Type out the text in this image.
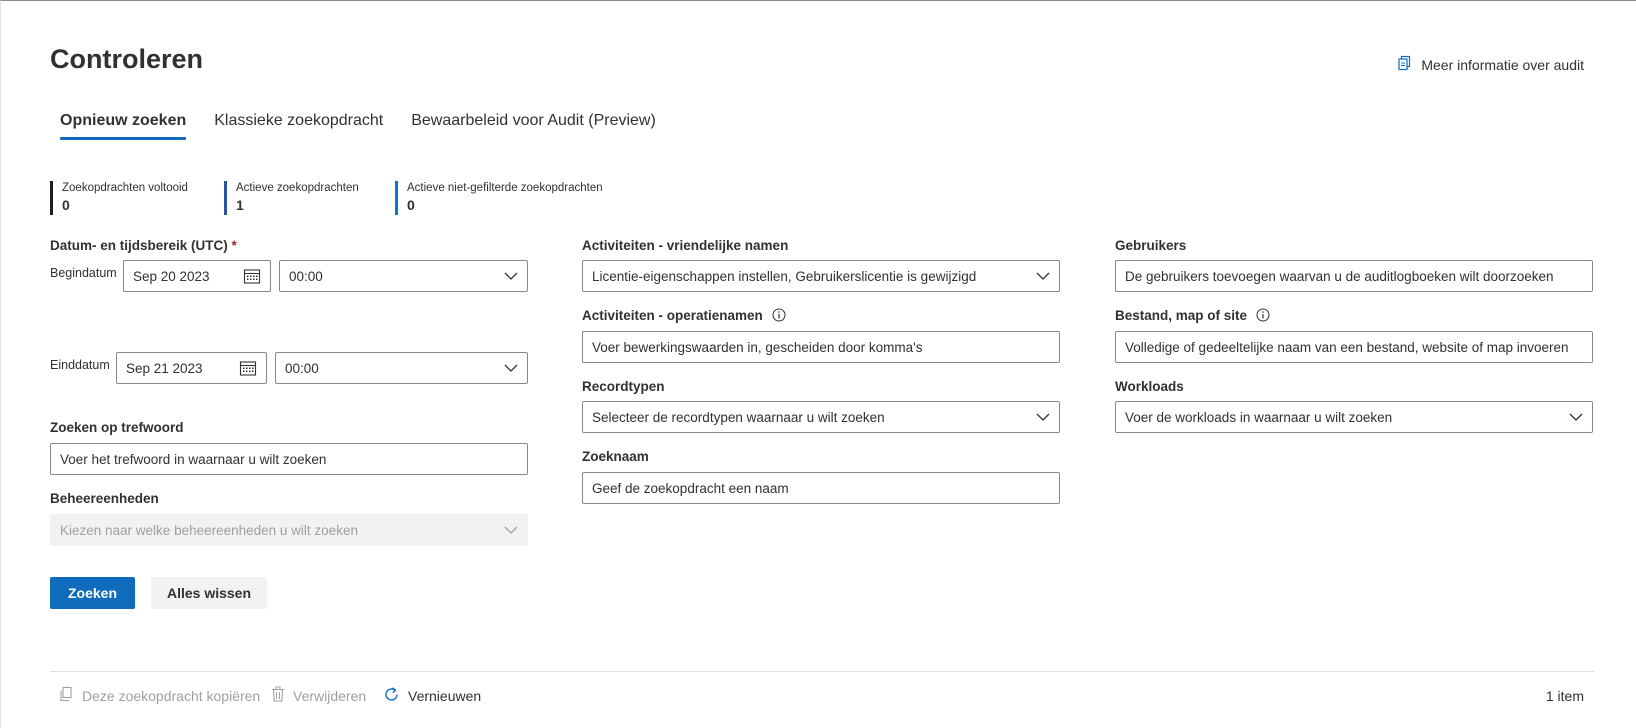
Controleren	Meer informatie over audit
Opnieuw zoeken	Klassieke zoekopdracht	Bewaarbeleid voor Audit (Preview)
Zoekopdrachten voltooid
0
Actieve zoekopdrachten
1
Actieve niet-gefilterde zoekopdrachten
0
Datum- en tijdsbereik (UTC) *
Begindatum Sep 20 2023	00:00
Einddatum Sep 21 2023	00:00
Zoeken op trefwoord
Voer het trefwoord in waarnaar u wilt zoeken
Beheereenheden
Kiezen naar welke beheereenheden u wilt zoeken
Zoeken	Alles wissen
Activiteiten - vriendelijke namen
Licentie-eigenschappen instellen, Gebruikerslicentie is gewijzigd
Activiteiten - operatienamen
Voer bewerkingswaarden in, gescheiden door komma's
Recordtypen
Selecteer de recordtypen waarnaar u wilt zoeken
Zoeknaam
Geef de zoekopdracht een naam
Gebruikers
De gebruikers toevoegen waarvan u de auditlogboeken wilt doorzoeken
Bestand, map of site
Volledige of gedeeltelijke naam van een bestand, website of map invoeren
Workloads
Voer de workloads in waarnaar u wilt zoeken
Deze zoekopdracht kopiëren Verwijderen	Vernieuwen	1 item
